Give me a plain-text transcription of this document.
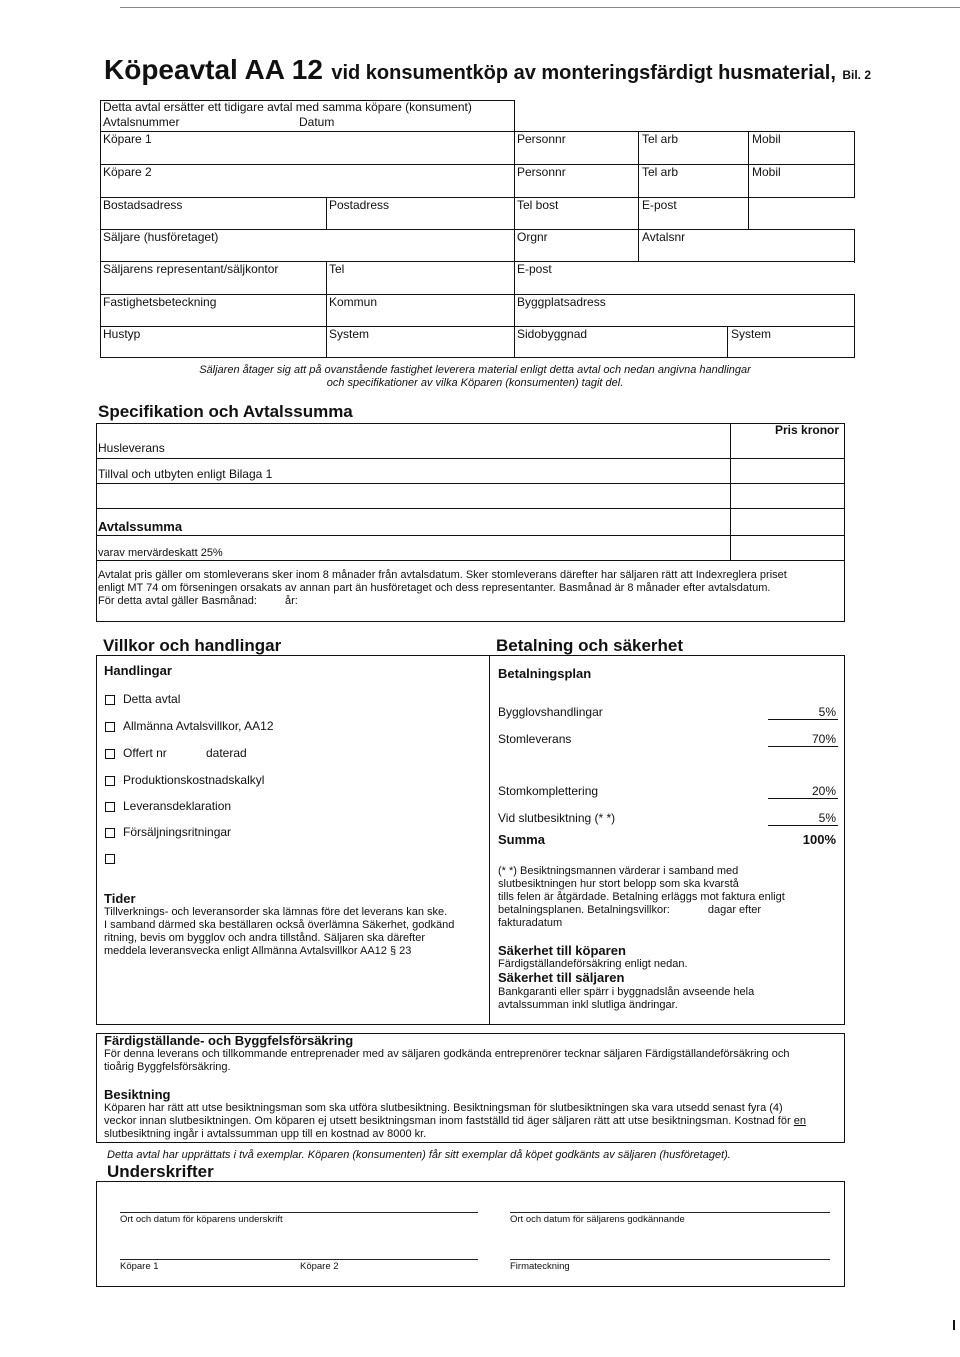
Köpeavtal AA 12 vid konsumentköp av monteringsfärdigt husmaterial, Bil. 2
Detta avtal ersätter ett tidigare avtal med samma köpare (konsument)
Avtalsnummer	Datum
Köpare 1	Personnr	Tel arb	Mobil
Köpare 2	Personnr	Tel arb	Mobil
Bostadsadress	Postadress	Tel bost	E-post
Säljare (husföretaget)	Orgnr	Avtalsnr
Säljarens representant/säljkontor	Tel	E-post
Fastighetsbeteckning	Kommun	Byggplatsadress
Hustyp	System	Sidobyggnad	System
Säljaren åtager sig att på ovanstående fastighet leverera material enligt detta avtal och nedan angivna handlingar
och specifikationer av vilka Köparen (konsumenten) tagit del.
Specifikation och Avtalssumma
Pris kronor
Husleverans
Tillval och utbyten enligt Bilaga 1
Avtalssumma
varav mervärdeskatt 25%
Avtalat pris gäller om stomleverans sker inom 8 månader från avtalsdatum. Sker stomleverans därefter har säljaren rätt att Indexreglera priset
enligt MT 74 om förseningen orsakats av annan part än husföretaget och dess representanter. Basmånad är 8 månader efter avtalsdatum.
För detta avtal gäller Basmånad:	år:
Villkor och handlingar
Handlingar
Detta avtal
Allmänna Avtalsvillkor, AA12
Offert nr	daterad
Produktionskostnadskalkyl
Leveransdeklaration
Försäljningsritningar
Tider
Tillverknings- och leveransorder ska lämnas före det leverans kan ske.
I samband därmed ska beställaren också överlämna Säkerhet, godkänd
ritning, bevis om bygglov och andra tillstånd. Säljaren ska därefter
meddela leveransvecka enligt Allmänna Avtalsvillkor AA12 § 23
Betalning och säkerhet
Betalningsplan
Bygglovshandlingar	5%
Stomleverans	70%
Stomkomplettering	20%
Vid slutbesiktning (* *)	5%
Summa	100%
(* *) Besiktningsmannen värderar i samband med
slutbesiktningen hur stort belopp som ska kvarstå
tills felen är åtgärdade. Betalning erläggs mot faktura enligt
betalningsplanen. Betalningsvillkor:	dagar efter
fakturadatum
Säkerhet till köparen
Färdigställandeförsäkring enligt nedan.
Säkerhet till säljaren
Bankgaranti eller spärr i byggnadslån avseende hela
avtalssumman inkl slutliga ändringar.
Färdigställande- och Byggfelsförsäkring
För denna leverans och tillkommande entreprenader med av säljaren godkända entreprenörer tecknar säljaren Färdigställandeförsäkring och
tioårig Byggfelsförsäkring.
Besiktning
Köparen har rätt att utse besiktningsman som ska utföra slutbesiktning. Besiktningsman för slutbesiktningen ska vara utsedd senast fyra (4)
veckor innan slutbesiktningen. Om köparen ej utsett besiktningsman inom fastställd tid äger säljaren rätt att utse besiktningsman. Kostnad för en
slutbesiktning ingår i avtalssumman upp till en kostnad av 8000 kr.
Detta avtal har upprättats i två exemplar. Köparen (konsumenten) får sitt exemplar då köpet godkänts av säljaren (husföretaget).
Underskrifter
Ort och datum för köparens underskrift	Ort och datum för säljarens godkännande
Köpare 1	Köpare 2	Firmateckning
